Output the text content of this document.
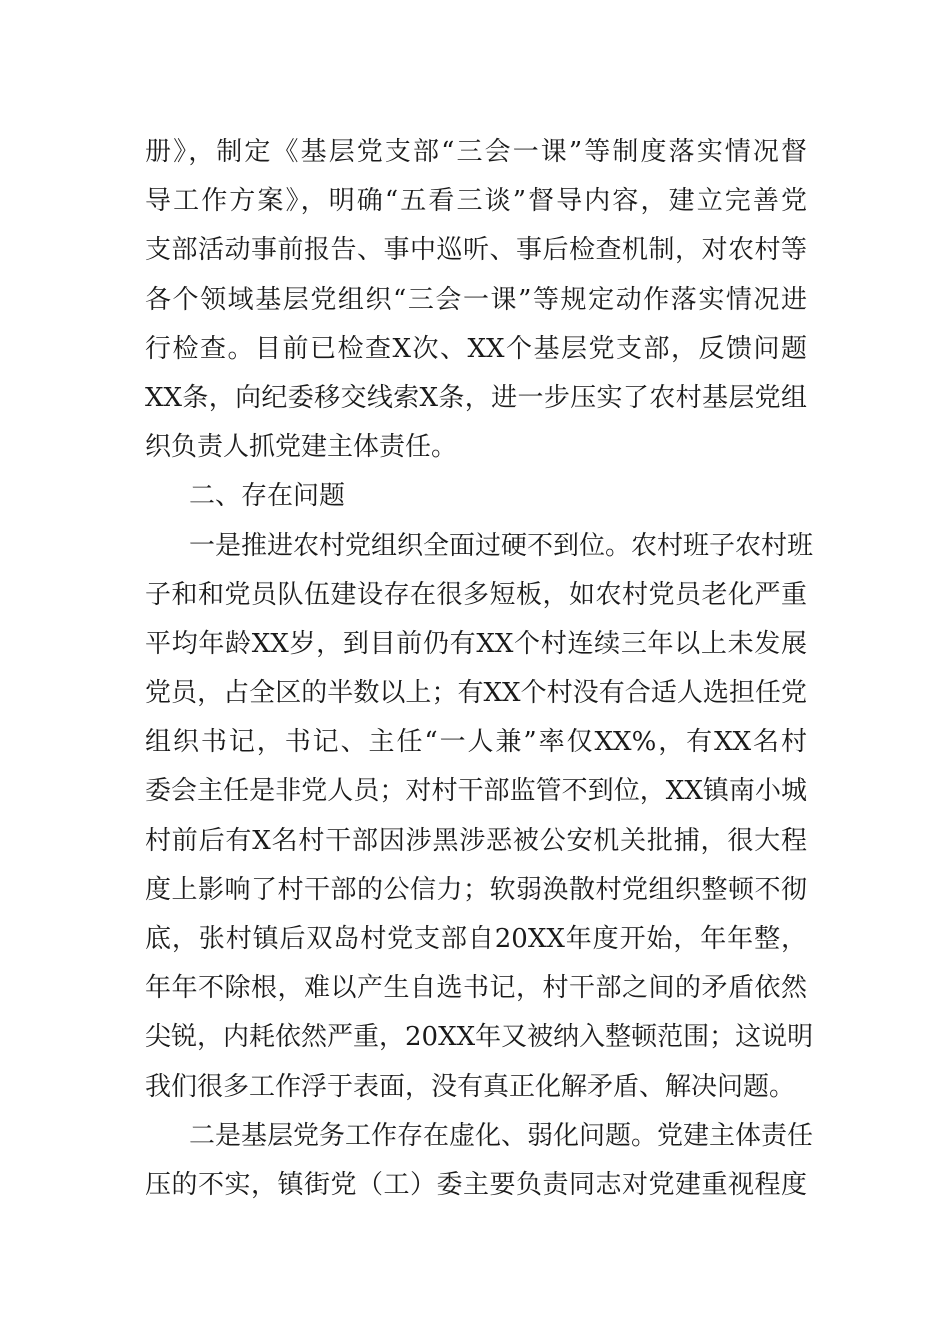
册》，制定《基层党支部“三会一课”等制度落实情况督
导工作方案》，明确“五看三谈”督导内容，建立完善党
支部活动事前报告、事中巡听、事后检查机制，对农村等
各个领域基层党组织“三会一课”等规定动作落实情况进
行检查。目前已检查X次、XX个基层党支部，反馈问题
XX条，向纪委移交线索X条，进一步压实了农村基层党组
织负责人抓党建主体责任。
二、存在问题
一是推进农村党组织全面过硬不到位。农村班子农村班
子和和党员队伍建设存在很多短板，如农村党员老化严重
平均年龄XX岁，到目前仍有XX个村连续三年以上未发展
党员，占全区的半数以上；有XX个村没有合适人选担任党
组织书记，书记、主任“一人兼”率仅XX%，有XX名村
委会主任是非党人员；对村干部监管不到位，XX镇南小城
村前后有X名村干部因涉黑涉恶被公安机关批捕，很大程
度上影响了村干部的公信力；软弱涣散村党组织整顿不彻
底，张村镇后双岛村党支部自20XX年度开始，年年整，
年年不除根，难以产生自选书记，村干部之间的矛盾依然
尖锐，内耗依然严重，20XX年又被纳入整顿范围；这说明
我们很多工作浮于表面，没有真正化解矛盾、解决问题。
二是基层党务工作存在虚化、弱化问题。党建主体责任
压的不实，镇街党（工）委主要负责同志对党建重视程度
